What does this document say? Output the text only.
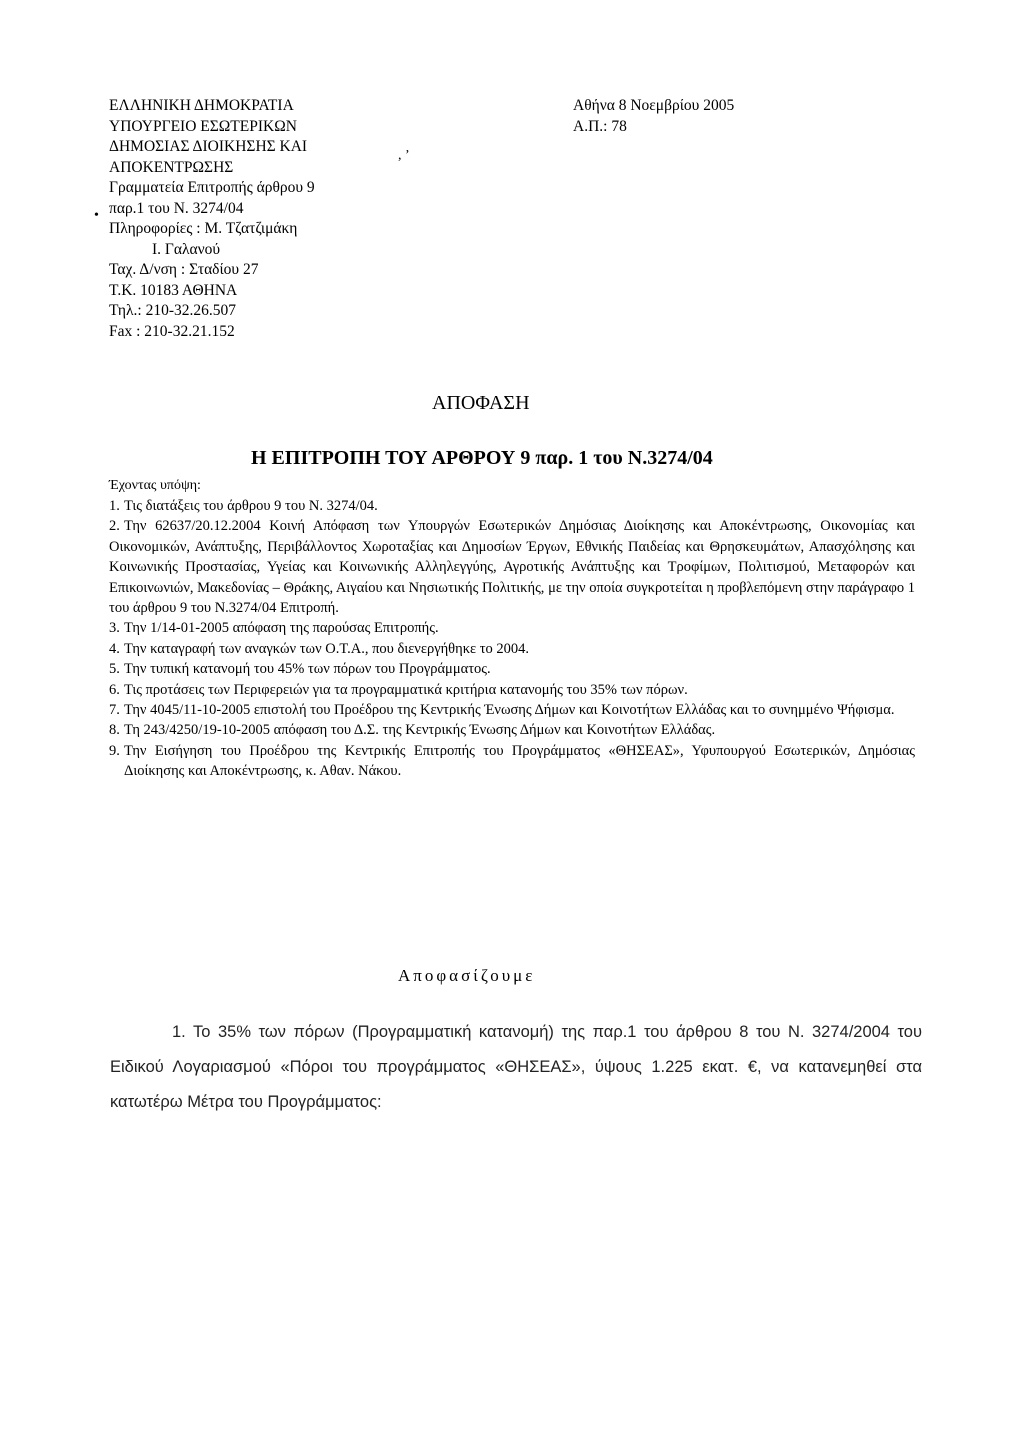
ΕΛΛΗΝΙΚΗ ΔΗΜΟΚΡΑΤΙΑ
ΥΠΟΥΡΓΕΙΟ ΕΣΩΤΕΡΙΚΩΝ
ΔΗΜΟΣΙΑΣ ΔΙΟΙΚΗΣΗΣ ΚΑΙ
ΑΠΟΚΕΝΤΡΩΣΗΣ
Γραμματεία Επιτροπής άρθρου 9
παρ.1 του Ν. 3274/04
Πληροφορίες : Μ. Τζατζιμάκη
Ι. Γαλανού
Ταχ. Δ/νση : Σταδίου 27
Τ.Κ. 10183 ΑΘΗΝΑ
Τηλ.: 210-32.26.507
Fax : 210-32.21.152
Αθήνα 8 Νοεμβρίου 2005
Α.Π.: 78
, ʼ
•
ΑΠΟΦΑΣΗ
Η ΕΠΙΤΡΟΠΗ ΤΟΥ ΑΡΘΡΟΥ 9 παρ. 1 του Ν.3274/04
Έχοντας υπόψη:
1. Τις διατάξεις του άρθρου 9 του Ν. 3274/04.
2. Την 62637/20.12.2004 Κοινή Απόφαση των Υπουργών Εσωτερικών Δημόσιας Διοίκησης και Αποκέντρωσης, Οικονομίας και Οικονομικών, Ανάπτυξης, Περιβάλλοντος Χωροταξίας και Δημοσίων Έργων, Εθνικής Παιδείας και Θρησκευμάτων, Απασχόλησης και Κοινωνικής Προστασίας, Υγείας και Κοινωνικής Αλληλεγγύης, Αγροτικής Ανάπτυξης και Τροφίμων, Πολιτισμού, Μεταφορών και Επικοινωνιών, Μακεδονίας – Θράκης, Αιγαίου και Νησιωτικής Πολιτικής, με την οποία συγκροτείται η προβλεπόμενη στην παράγραφο 1 του άρθρου 9 του Ν.3274/04 Επιτροπή.
3. Την 1/14-01-2005 απόφαση της παρούσας Επιτροπής.
4. Την καταγραφή των αναγκών των Ο.Τ.Α., που διενεργήθηκε το 2004.
5. Την τυπική κατανομή του 45% των πόρων του Προγράμματος.
6. Τις προτάσεις των Περιφερειών για τα προγραμματικά κριτήρια κατανομής του 35% των πόρων.
7. Την 4045/11-10-2005 επιστολή του Προέδρου της Κεντρικής Ένωσης Δήμων και Κοινοτήτων Ελλάδας και το συνημμένο Ψήφισμα.
8. Τη 243/4250/19-10-2005 απόφαση του Δ.Σ. της Κεντρικής Ένωσης Δήμων και Κοινοτήτων Ελλάδας.
9. Την Εισήγηση του Προέδρου της Κεντρικής Επιτροπής του Προγράμματος «ΘΗΣΕΑΣ», Υφυπουργού Εσωτερικών, Δημόσιας Διοίκησης και Αποκέντρωσης, κ. Αθαν. Νάκου.
Αποφασίζουμε
1. Το 35% των πόρων (Προγραμματική κατανομή) της παρ.1 του άρθρου 8 του Ν. 3274/2004 του Ειδικού Λογαριασμού «Πόροι του προγράμματος «ΘΗΣΕΑΣ», ύψους 1.225 εκατ. €, να κατανεμηθεί στα κατωτέρω Μέτρα του Προγράμματος:
